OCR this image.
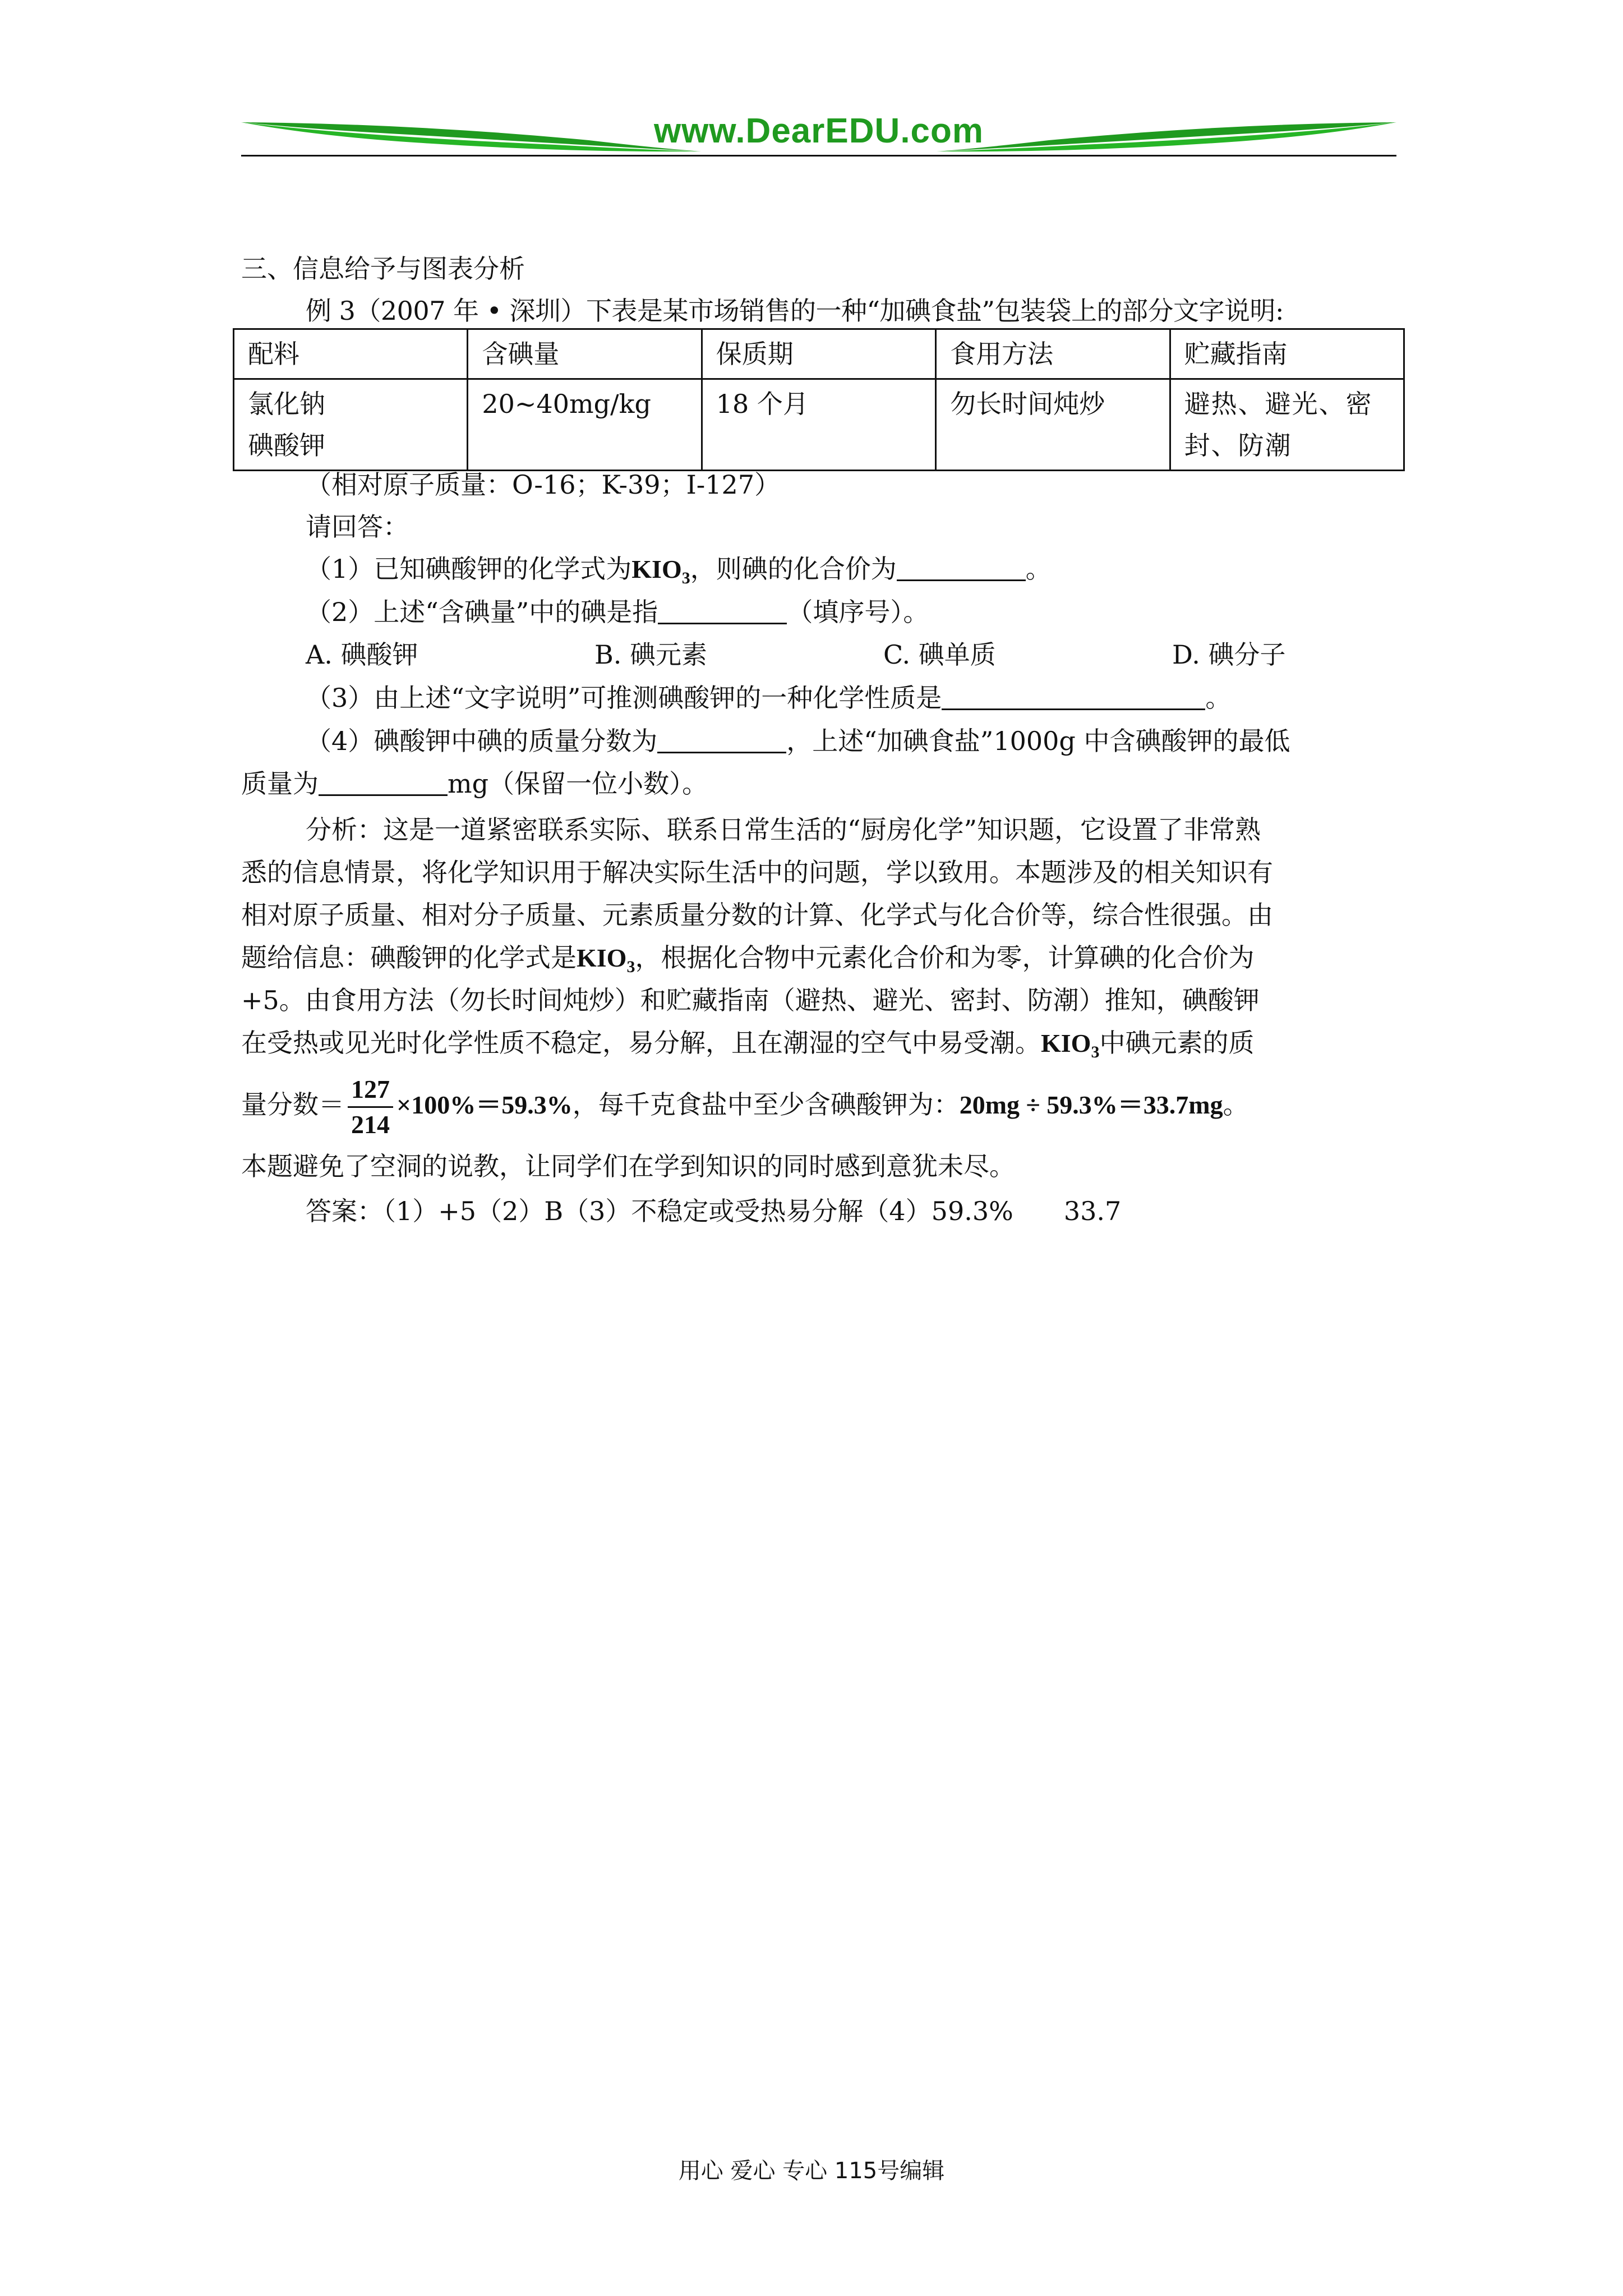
www.DearEDU.com
三、信息给予与图表分析
例 3（2007 年 • 深圳）下表是某市场销售的一种“加碘食盐”包装袋上的部分文字说明:
配料	含碘量	保质期	食用方法	贮藏指南

氯化钠
碘酸钾	20~40mg/kg	18 个月	勿长时间炖炒	避热、避光、密封、防潮
（相对原子质量：O-16；K-39；I-127）
请回答：
（1）已知碘酸钾的化学式为$KIO_3$，则碘的化合价为	。
（2）上述“含碘量”中的碘是指	（填序号）。
A. 碘酸钾	B. 碘元素	C. 碘单质	D. 碘分子
（3）由上述“文字说明”可推测碘酸钾的一种化学性质是	。
（4）碘酸钾中碘的质量分数为	，上述“加碘食盐”1000g 中含碘酸钾的最低
质量为	mg（保留一位小数）。
分析：这是一道紧密联系实际、联系日常生活的“厨房化学”知识题，它设置了非常熟
悉的信息情景，将化学知识用于解决实际生活中的问题，学以致用。本题涉及的相关知识有
相对原子质量、相对分子质量、元素质量分数的计算、化学式与化合价等，综合性很强。由
题给信息：碘酸钾的化学式是$KIO_3$，根据化合物中元素化合价和为零，计算碘的化合价为
+5。由食用方法（勿长时间炖炒）和贮藏指南（避热、避光、密封、防潮）推知，碘酸钾
在受热或见光时化学性质不稳定，易分解，且在潮湿的空气中易受潮。$KIO_3$中碘元素的质
量分数＝ $\frac{127}{214} \times 100\%=59.3\%$，每千克食盐中至少含碘酸钾为：20mg ÷ 59.3%＝33.7mg。
本题避免了空洞的说教，让同学们在学到知识的同时感到意犹未尽。
答案：（1）+5（2）B（3）不稳定或受热易分解（4）59.3% 33.7
用心 爱心 专心 115号编辑
